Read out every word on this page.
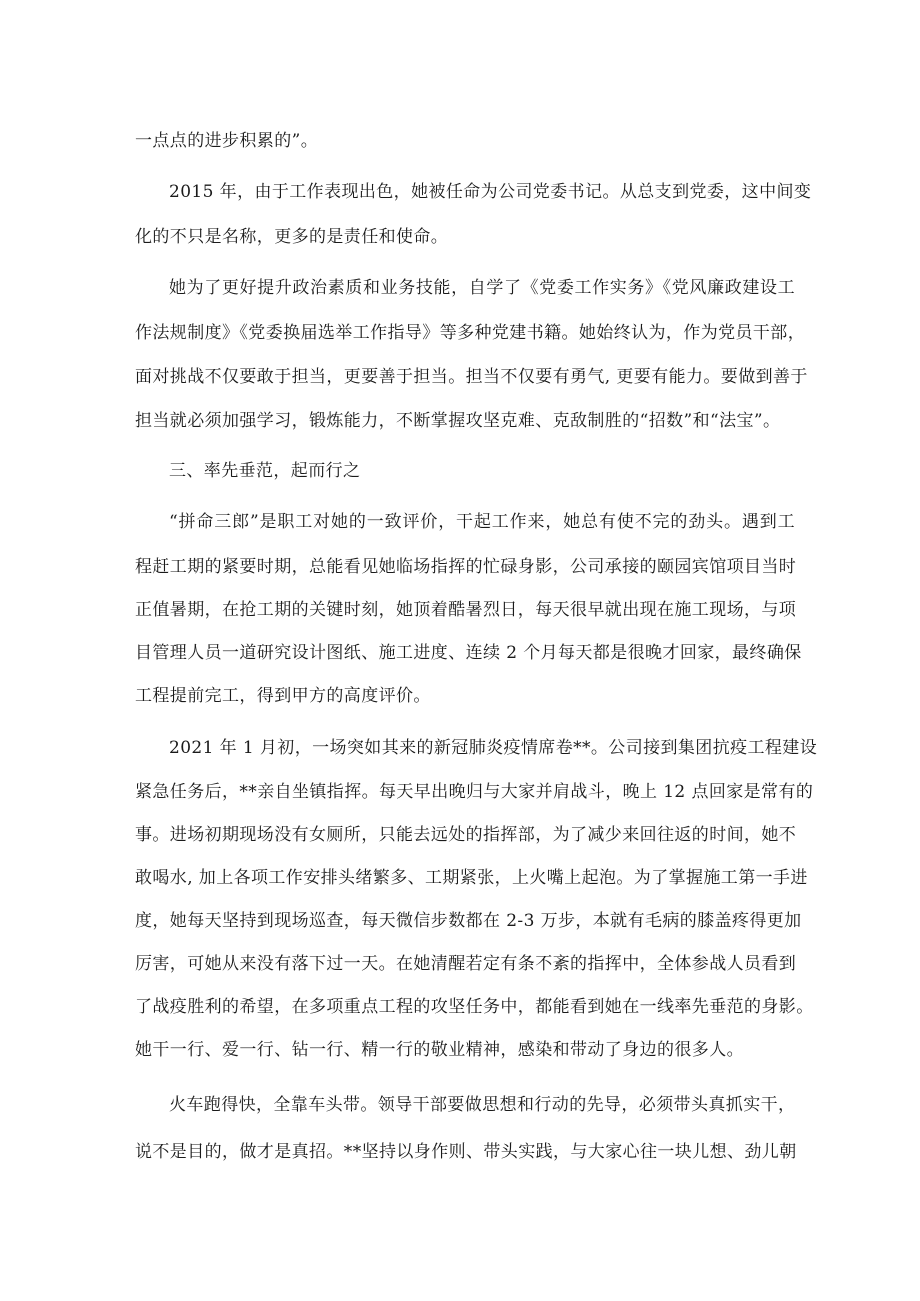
一点点的进步积累的”。

2015 年，由于工作表现出色，她被任命为公司党委书记。从总支到党委，这中间变

化的不只是名称，更多的是责任和使命。

她为了更好提升政治素质和业务技能，自学了《党委工作实务》《党风廉政建设工

作法规制度》《党委换届选举工作指导》等多种党建书籍。她始终认为，作为党员干部，

面对挑战不仅要敢于担当，更要善于担当。担当不仅要有勇气, 更要有能力。要做到善于

担当就必须加强学习，锻炼能力，不断掌握攻坚克难、克敌制胜的“招数”和“法宝”。

三、率先垂范，起而行之

“拼命三郎”是职工对她的一致评价，干起工作来，她总有使不完的劲头。遇到工

程赶工期的紧要时期，总能看见她临场指挥的忙碌身影，公司承接的颐园宾馆项目当时

正值暑期，在抢工期的关键时刻，她顶着酷暑烈日，每天很早就出现在施工现场，与项

目管理人员一道研究设计图纸、施工进度、连续 2 个月每天都是很晚才回家，最终确保

工程提前完工，得到甲方的高度评价。

2021 年 1 月初，一场突如其来的新冠肺炎疫情席卷**。公司接到集团抗疫工程建设

紧急任务后，**亲自坐镇指挥。每天早出晚归与大家并肩战斗，晚上 12 点回家是常有的

事。进场初期现场没有女厕所，只能去远处的指挥部，为了减少来回往返的时间，她不

敢喝水, 加上各项工作安排头绪繁多、工期紧张，上火嘴上起泡。为了掌握施工第一手进

度，她每天坚持到现场巡查，每天微信步数都在 2-3 万步，本就有毛病的膝盖疼得更加

厉害，可她从来没有落下过一天。在她清醒若定有条不紊的指挥中，全体参战人员看到

了战疫胜利的希望，在多项重点工程的攻坚任务中，都能看到她在一线率先垂范的身影。

她干一行、爱一行、钻一行、精一行的敬业精神，感染和带动了身边的很多人。

火车跑得快，全靠车头带。领导干部要做思想和行动的先导，必须带头真抓实干，

说不是目的，做才是真招。**坚持以身作则、带头实践，与大家心往一块儿想、劲儿朝
